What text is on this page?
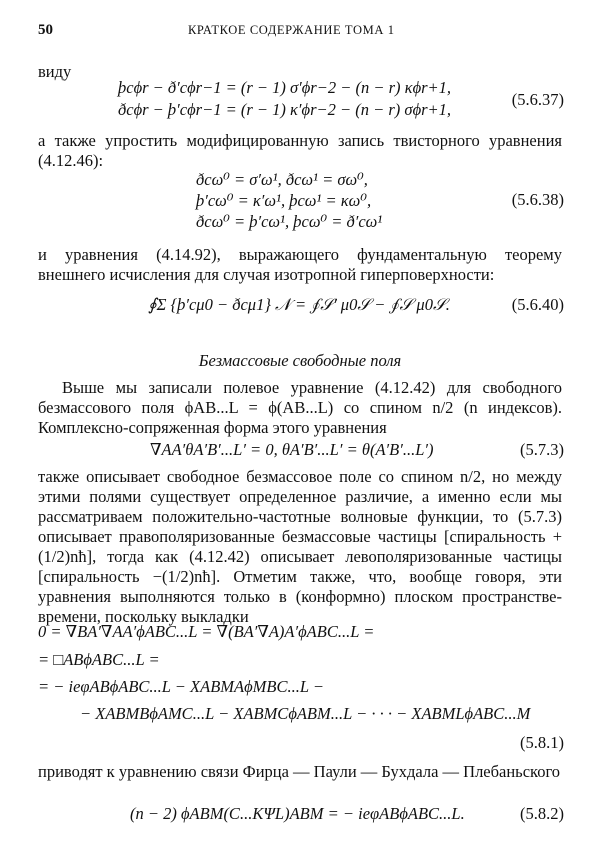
50	КРАТКОЕ СОДЕРЖАНИЕ ТОМА 1
виду
þcϕr − ð′cϕr−1 = (r − 1) σ′ϕr−2 − (n − r) κϕr+1,
ðcϕr − þ′cϕr−1 = (r − 1) κ′ϕr−2 − (n − r) σϕr+1,
(5.6.37)
а также упростить модифицированную запись твисторного уравнения (4.12.46):
ðcω⁰ = σ′ω¹, ðcω¹ = σω⁰,
þ′cω⁰ = κ′ω¹, þcω¹ = κω⁰,
ðcω⁰ = þ′cω¹, þcω⁰ = ð′cω¹
(5.6.38)
и уравнения (4.14.92), выражающего фундаментальную теорему внешнего исчисления для случая изотропной гиперповерхности:
∮Σ {þ′cμ0 − ðcμ1} 𝒩 = ∮𝒮′ μ0𝒮 − ∮𝒮 μ0𝒮.	(5.6.40)
Безмассовые свободные поля
Выше мы записали полевое уравнение (4.12.42) для свободного безмассового поля ϕAB...L = ϕ(AB...L) со спином n/2 (n индексов). Комплексно-сопряженная форма этого уравнения
∇AA′θA′B′...L′ = 0, θA′B′...L′ = θ(A′B′...L′)	(5.7.3)
также описывает свободное безмассовое поле со спином n/2, но между этими полями существует определенное различие, а именно если мы рассматриваем положительно-частотные волновые функции, то (5.7.3) описывает правополяризованные безмассовые частицы [спиральность +(1/2)nħ], тогда как (4.12.42) описывает левополяризованные частицы [спиральность −(1/2)nħ]. Отметим также, что, вообще говоря, эти уравнения выполняются только в (конформно) плоском пространстве-времени, поскольку выкладки
0 = ∇BA′∇AA′ϕABC...L = ∇(BA′∇A)A′ϕABC...L =
= □ABϕABC...L =
= − ieφABϕABC...L − XABMAϕMBC...L −
− XABMBϕAMC...L − XABMCϕABM...L − · · · − XABMLϕABC...M
(5.8.1)
приводят к уравнению связи Фирца — Паули — Бухдала — Плебаньского
(n − 2) ϕABM(C...KΨL)ABM = − ieφABϕABC...L.	(5.8.2)
